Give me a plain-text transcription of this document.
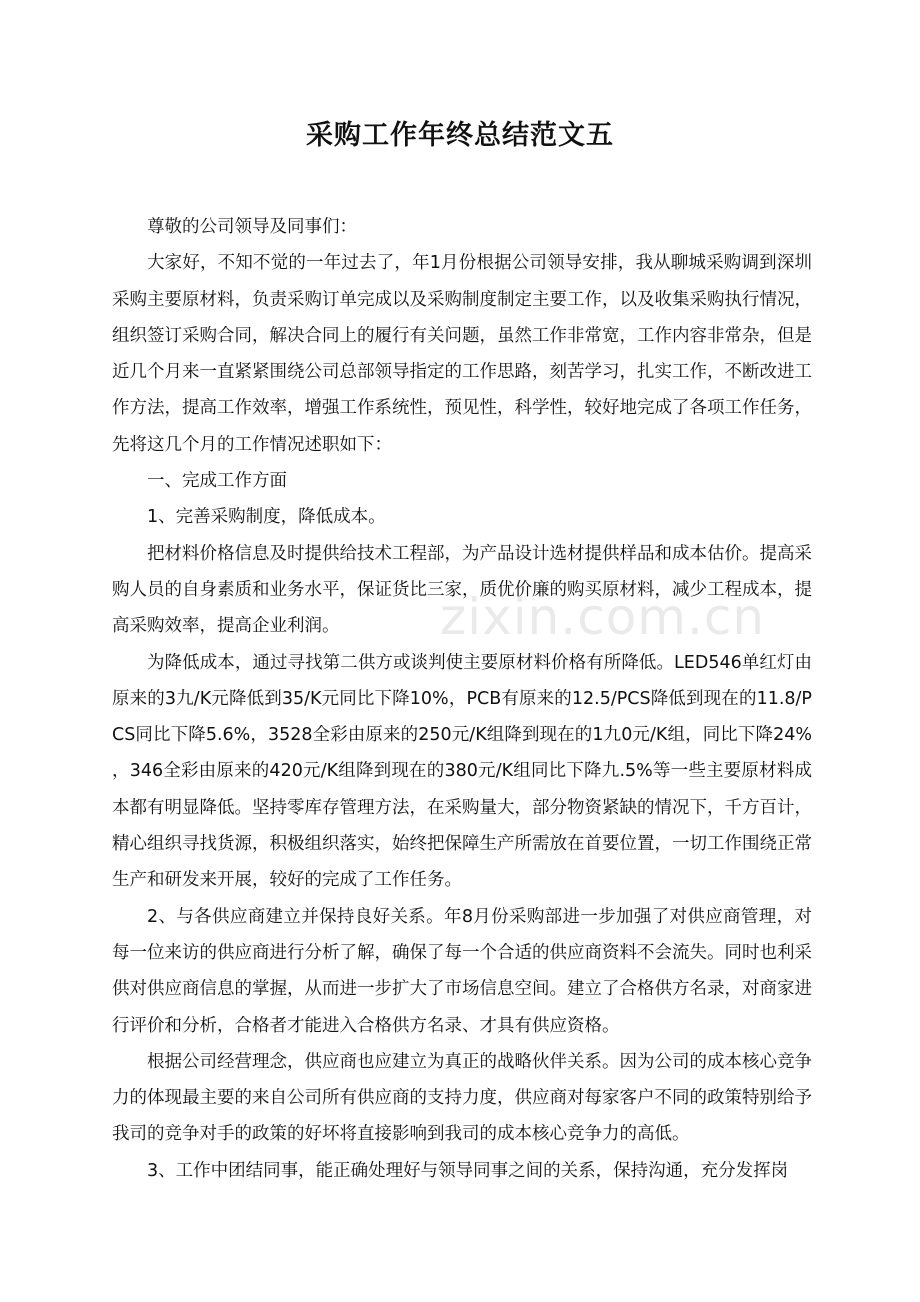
采购工作年终总结范文五

尊敬的公司领导及同事们：

大家好，不知不觉的一年过去了，年1月份根据公司领导安排，我从聊城采购调到深圳采购主要原材料，负责采购订单完成以及采购制度制定主要工作，以及收集采购执行情况，组织签订采购合同，解决合同上的履行有关问题，虽然工作非常宽，工作内容非常杂，但是近几个月来一直紧紧围绕公司总部领导指定的工作思路，刻苦学习，扎实工作，不断改进工作方法，提高工作效率，增强工作系统性，预见性，科学性，较好地完成了各项工作任务，先将这几个月的工作情况述职如下：

一、完成工作方面

1、完善采购制度，降低成本。

把材料价格信息及时提供给技术工程部，为产品设计选材提供样品和成本估价。提高采购人员的自身素质和业务水平，保证货比三家，质优价廉的购买原材料，减少工程成本，提高采购效率，提高企业利润。

为降低成本，通过寻找第二供方或谈判使主要原材料价格有所降低。LED546单红灯由原来的3九/K元降低到35/K元同比下降10%，PCB有原来的12.5/PCS降低到现在的11.8/PCS同比下降5.6%，3528全彩由原来的250元/K组降到现在的1九0元/K组，同比下降24%，346全彩由原来的420元/K组降到现在的380元/K组同比下降九.5%等一些主要原材料成本都有明显降低。坚持零库存管理方法，在采购量大，部分物资紧缺的情况下，千方百计，精心组织寻找货源，积极组织落实，始终把保障生产所需放在首要位置，一切工作围绕正常生产和研发来开展，较好的完成了工作任务。

2、与各供应商建立并保持良好关系。年8月份采购部进一步加强了对供应商管理，对每一位来访的供应商进行分析了解，确保了每一个合适的供应商资料不会流失。同时也利采供对供应商信息的掌握，从而进一步扩大了市场信息空间。建立了合格供方名录，对商家进行评价和分析，合格者才能进入合格供方名录、才具有供应资格。

根据公司经营理念，供应商也应建立为真正的战略伙伴关系。因为公司的成本核心竞争力的体现最主要的来自公司所有供应商的支持力度，供应商对每家客户不同的政策特别给予我司的竞争对手的政策的好坏将直接影响到我司的成本核心竞争力的高低。

3、工作中团结同事，能正确处理好与领导同事之间的关系，保持沟通，充分发挥岗

zixin.com.cn
